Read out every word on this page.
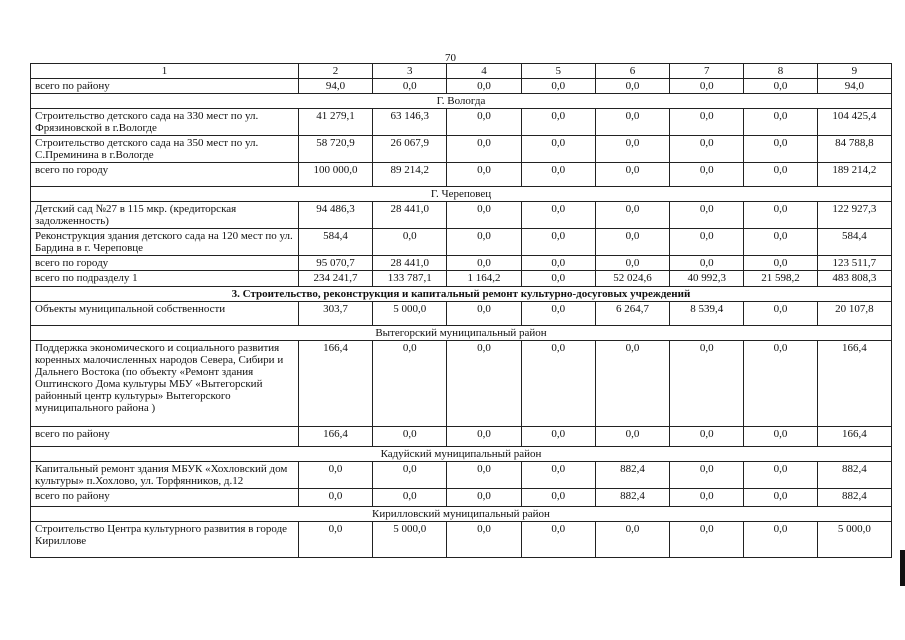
70
1	2	3	4	5	6	7	8	9
всего по району	94,0	0,0	0,0	0,0	0,0	0,0	0,0	94,0
Г. Вологда								
Строительство детского сада на 330 мест по ул. Фрязиновской в г.Вологде	41 279,1	63 146,3	0,0	0,0	0,0	0,0	0,0	104 425,4
Строительство детского сада на 350 мест по ул. С.Преминина в г.Вологде	58 720,9	26 067,9	0,0	0,0	0,0	0,0	0,0	84 788,8
всего по городу	100 000,0	89 214,2	0,0	0,0	0,0	0,0	0,0	189 214,2
Г. Череповец								
Детский сад №27 в 115 мкр. (кредиторская задолженность)	94 486,3	28 441,0	0,0	0,0	0,0	0,0	0,0	122 927,3
Реконструкция здания детского сада на 120 мест по ул. Бардина в г. Череповце	584,4	0,0	0,0	0,0	0,0	0,0	0,0	584,4
всего по городу	95 070,7	28 441,0	0,0	0,0	0,0	0,0	0,0	123 511,7
всего по подразделу 1	234 241,7	133 787,1	1 164,2	0,0	52 024,6	40 992,3	21 598,2	483 808,3
3. Строительство, реконструкция и капитальный ремонт культурно-досуговых учреждений								
Объекты муниципальной собственности	303,7	5 000,0	0,0	0,0	6 264,7	8 539,4	0,0	20 107,8
Вытегорский муниципальный район								
Поддержка экономического и социального развития коренных малочисленных народов Севера, Сибири и Дальнего Востока (по объекту «Ремонт здания Оштинского Дома культуры МБУ «Вытегорский районный центр культуры» Вытегорского муниципального района )	166,4	0,0	0,0	0,0	0,0	0,0	0,0	166,4
всего по району	166,4	0,0	0,0	0,0	0,0	0,0	0,0	166,4
Кадуйский муниципальный район								
Капитальный ремонт здания МБУК «Хохловский дом культуры» п.Хохлово, ул. Торфянников, д.12	0,0	0,0	0,0	0,0	882,4	0,0	0,0	882,4
всего по району	0,0	0,0	0,0	0,0	882,4	0,0	0,0	882,4
Кирилловский муниципальный район								
Строительство Центра культурного развития в городе Кириллове	0,0	5 000,0	0,0	0,0	0,0	0,0	0,0	5 000,0
